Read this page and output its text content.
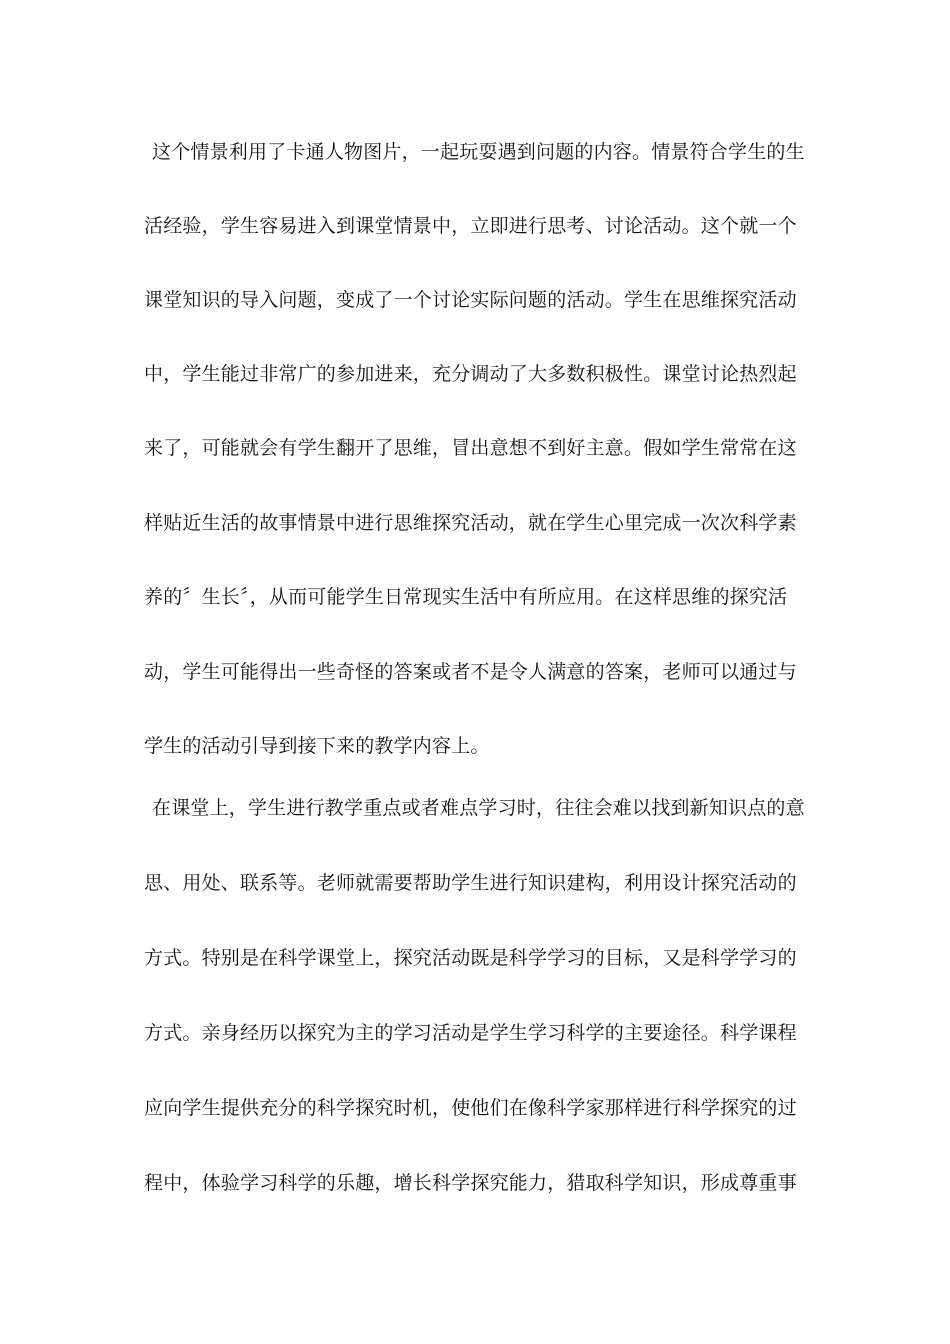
这个情景利用了卡通人物图片，一起玩耍遇到问题的内容。情景符合学生的生
活经验，学生容易进入到课堂情景中，立即进行思考、讨论活动。这个就一个
课堂知识的导入问题，变成了一个讨论实际问题的活动。学生在思维探究活动
中，学生能过非常广的参加进来，充分调动了大多数积极性。课堂讨论热烈起
来了，可能就会有学生翻开了思维，冒出意想不到好主意。假如学生常常在这
样贴近生活的故事情景中进行思维探究活动，就在学生心里完成一次次科学素
养的〞生长〞，从而可能学生日常现实生活中有所应用。在这样思维的探究活
动，学生可能得出一些奇怪的答案或者不是令人满意的答案，老师可以通过与
学生的活动引导到接下来的教学内容上。
在课堂上，学生进行教学重点或者难点学习时，往往会难以找到新知识点的意
思、用处、联系等。老师就需要帮助学生进行知识建构，利用设计探究活动的
方式。特别是在科学课堂上，探究活动既是科学学习的目标，又是科学学习的
方式。亲身经历以探究为主的学习活动是学生学习科学的主要途径。科学课程
应向学生提供充分的科学探究时机，使他们在像科学家那样进行科学探究的过
程中，体验学习科学的乐趣，增长科学探究能力，猎取科学知识，形成尊重事
